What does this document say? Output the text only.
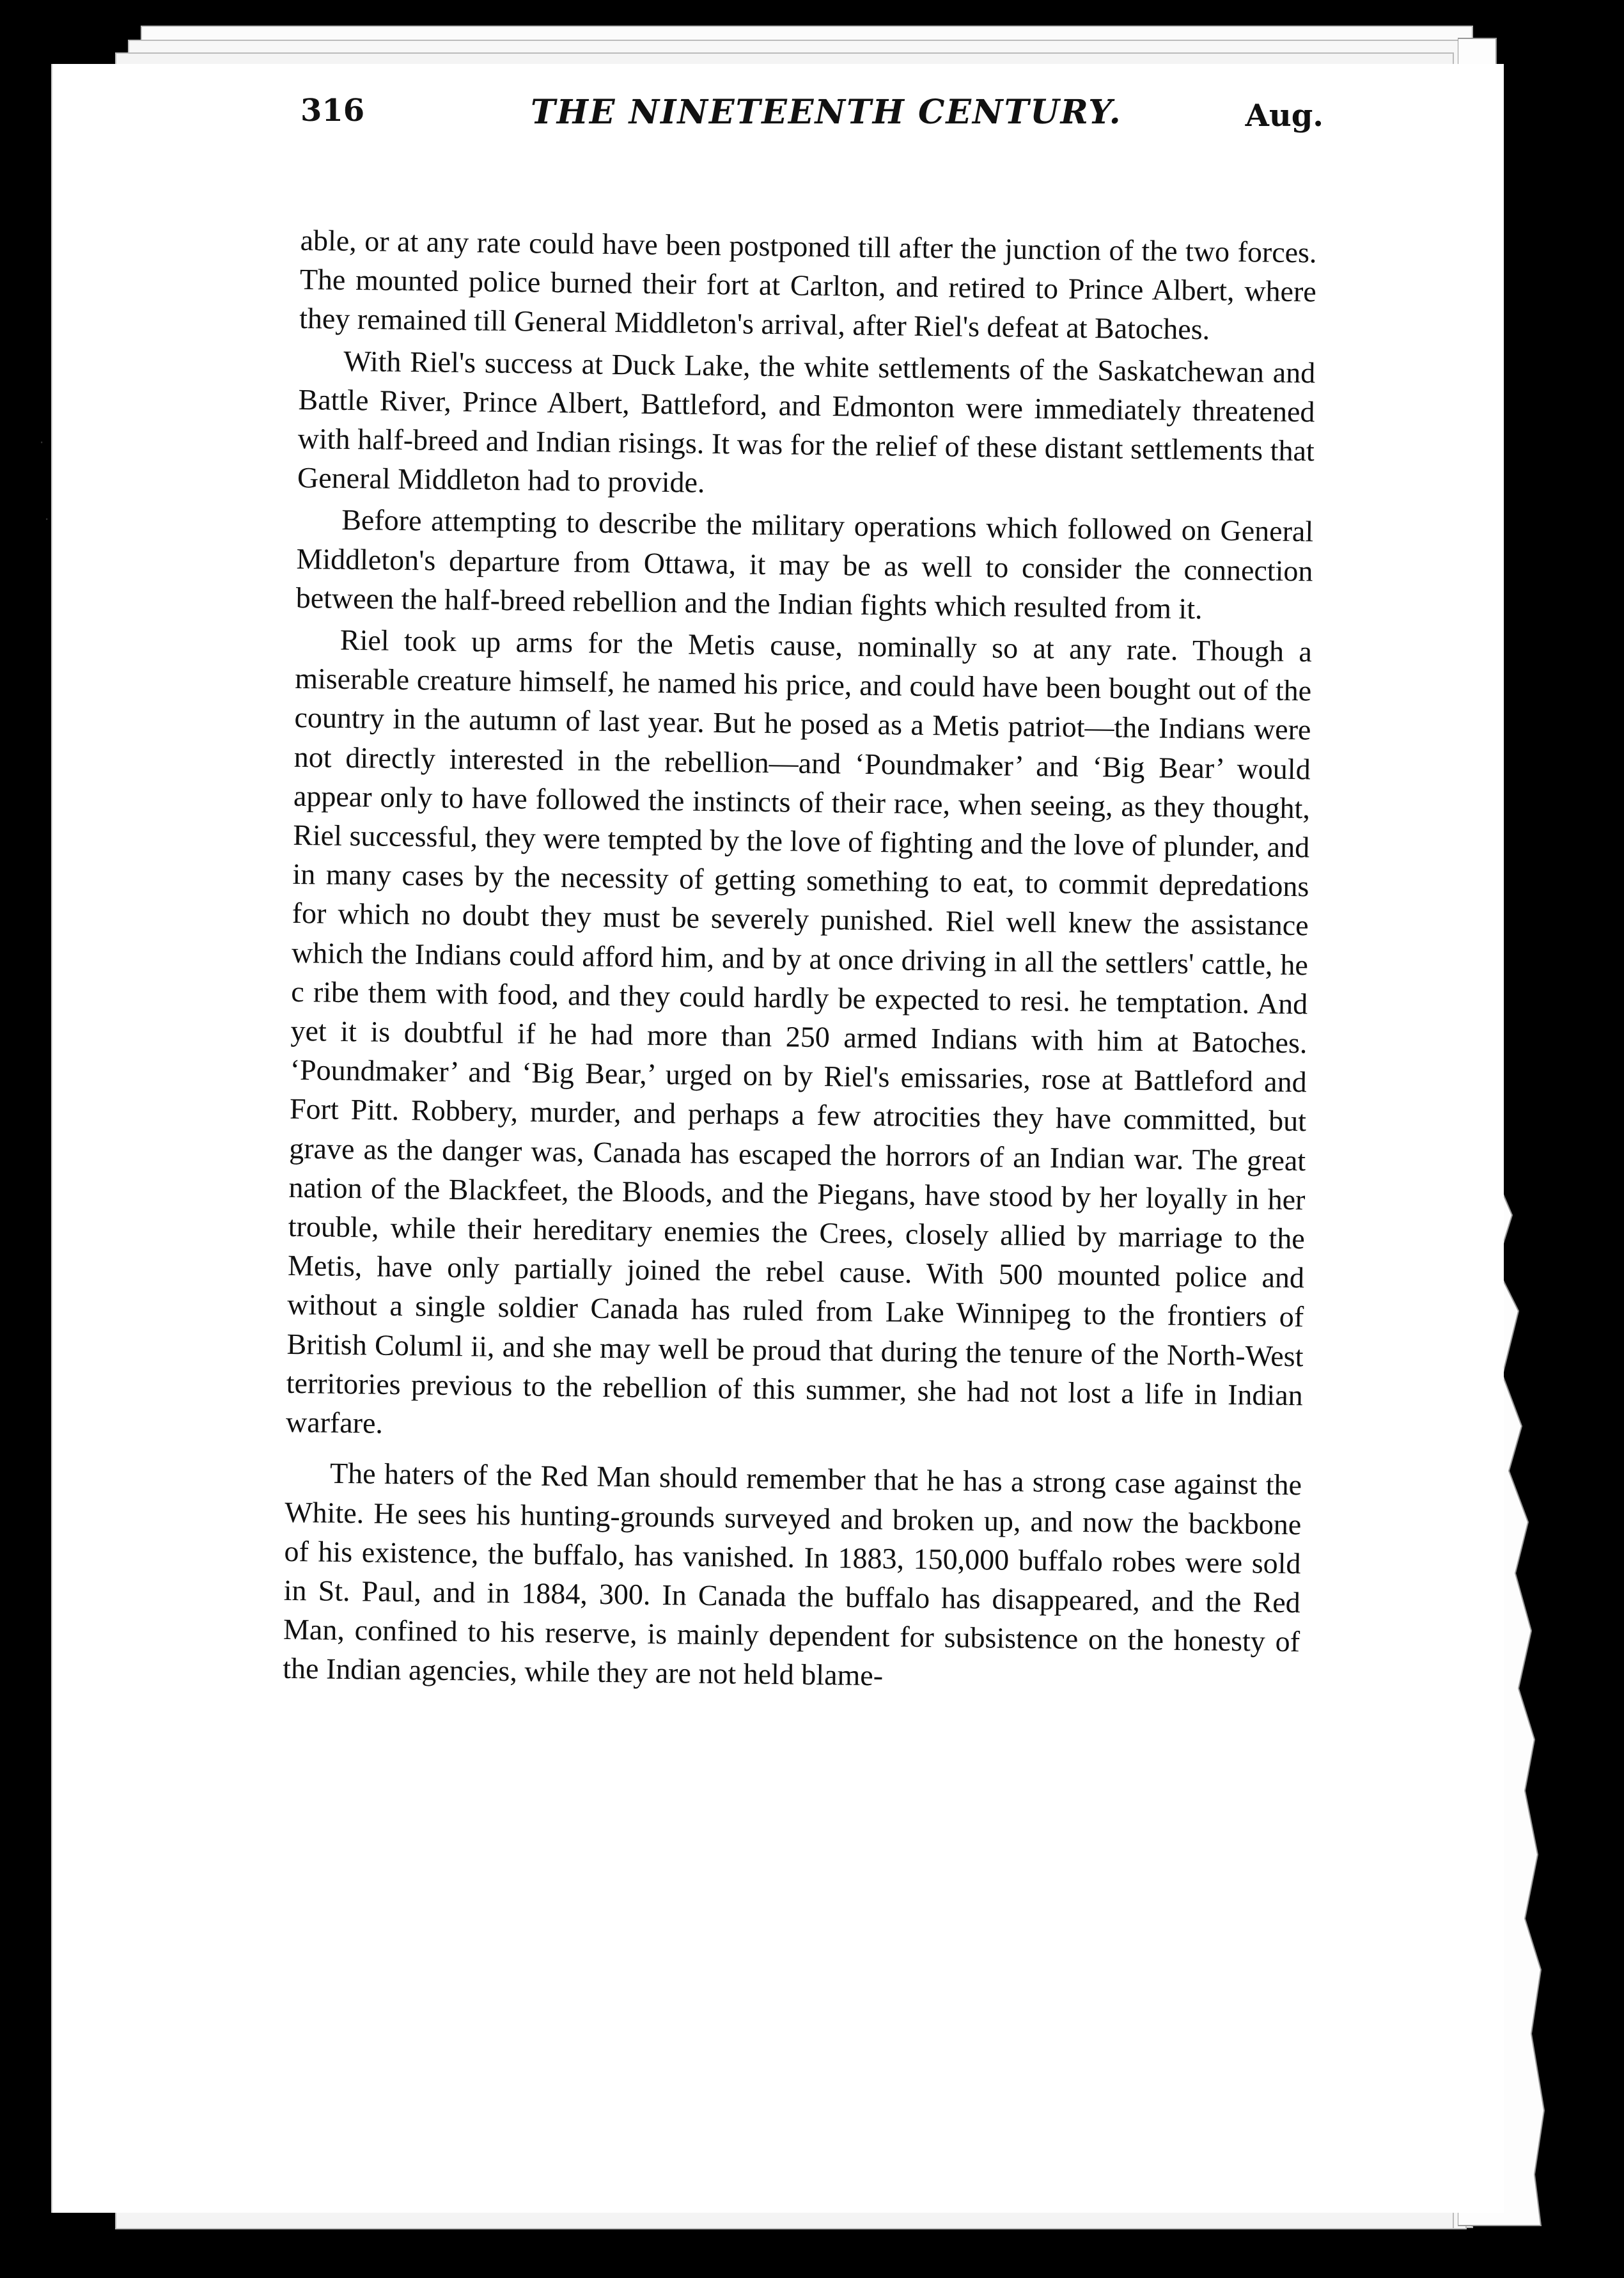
·
·
316	THE NINETEENTH CENTURY.	Aug.

able, or at any rate could have been postponed till after the junction of the two forces. The mounted police burned their fort at Carlton, and retired to Prince Albert, where they remained till General Middleton's arrival, after Riel's defeat at Batoches.

With Riel's success at Duck Lake, the white settlements of the Saskatchewan and Battle River, Prince Albert, Battleford, and Edmonton were immediately threatened with half-breed and Indian risings. It was for the relief of these distant settlements that General Middleton had to provide.

Before attempting to describe the military operations which followed on General Middleton's departure from Ottawa, it may be as well to consider the connection between the half-breed rebellion and the Indian fights which resulted from it.

Riel took up arms for the Metis cause, nominally so at any rate. Though a miserable creature himself, he named his price, and could have been bought out of the country in the autumn of last year. But he posed as a Metis patriot—the Indians were not directly interested in the rebellion—and ‘Poundmaker’ and ‘Big Bear’ would appear only to have followed the instincts of their race, when seeing, as they thought, Riel successful, they were tempted by the love of fighting and the love of plunder, and in many cases by the necessity of getting something to eat, to commit depredations for which no doubt they must be severely punished. Riel well knew the assistance which the Indians could afford him, and by at once driving in all the settlers' cattle, he c ribe them with food, and they could hardly be expected to resi. he temptation. And yet it is doubtful if he had more than 250 armed Indians with him at Batoches. ‘Poundmaker’ and ‘Big Bear,’ urged on by Riel's emissaries, rose at Battleford and Fort Pitt. Robbery, murder, and perhaps a few atrocities they have committed, but grave as the danger was, Canada has escaped the horrors of an Indian war. The great nation of the Blackfeet, the Bloods, and the Piegans, have stood by her loyally in her trouble, while their hereditary enemies the Crees, closely allied by marriage to the Metis, have only partially joined the rebel cause. With 500 mounted police and without a single soldier Canada has ruled from Lake Winnipeg to the frontiers of British Columl ii, and she may well be proud that during the tenure of the North-West territories previous to the rebellion of this summer, she had not lost a life in Indian warfare.

The haters of the Red Man should remember that he has a strong case against the White. He sees his hunting-grounds surveyed and broken up, and now the backbone of his existence, the buffalo, has vanished. In 1883, 150,000 buffalo robes were sold in St. Paul, and in 1884, 300. In Canada the buffalo has disappeared, and the Red Man, confined to his reserve, is mainly dependent for subsistence on the honesty of the Indian agencies, while they are not held blame-
